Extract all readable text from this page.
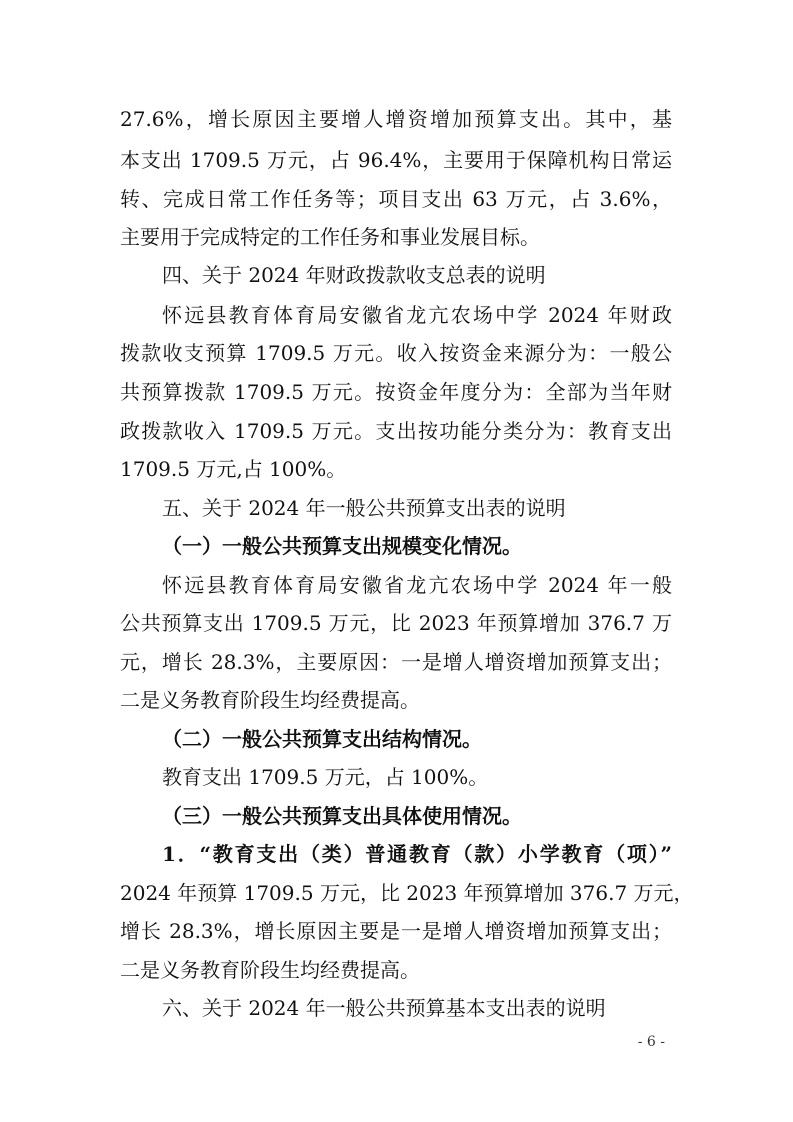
27.6%，增长原因主要增人增资增加预算支出。其中，基
本支出 1709.5 万元，占 96.4%，主要用于保障机构日常运
转、完成日常工作任务等；项目支出 63 万元，占 3.6%，
主要用于完成特定的工作任务和事业发展目标。
四、关于 2024 年财政拨款收支总表的说明
怀远县教育体育局安徽省龙亢农场中学 2024 年财政
拨款收支预算 1709.5 万元。收入按资金来源分为：一般公
共预算拨款 1709.5 万元。按资金年度分为：全部为当年财
政拨款收入 1709.5 万元。支出按功能分类分为：教育支出
1709.5 万元,占 100%。
五、关于 2024 年一般公共预算支出表的说明
（一）一般公共预算支出规模变化情况。
怀远县教育体育局安徽省龙亢农场中学 2024 年一般
公共预算支出 1709.5 万元，比 2023 年预算增加 376.7 万
元，增长 28.3%，主要原因：一是增人增资增加预算支出；
二是义务教育阶段生均经费提高。
（二）一般公共预算支出结构情况。
教育支出 1709.5 万元，占 100%。
（三）一般公共预算支出具体使用情况。
1．“教育支出（类）普通教育（款）小学教育（项）”
2024 年预算 1709.5 万元，比 2023 年预算增加 376.7 万元，
增长 28.3%，增长原因主要是一是增人增资增加预算支出；
二是义务教育阶段生均经费提高。
六、关于 2024 年一般公共预算基本支出表的说明
- 6 -
